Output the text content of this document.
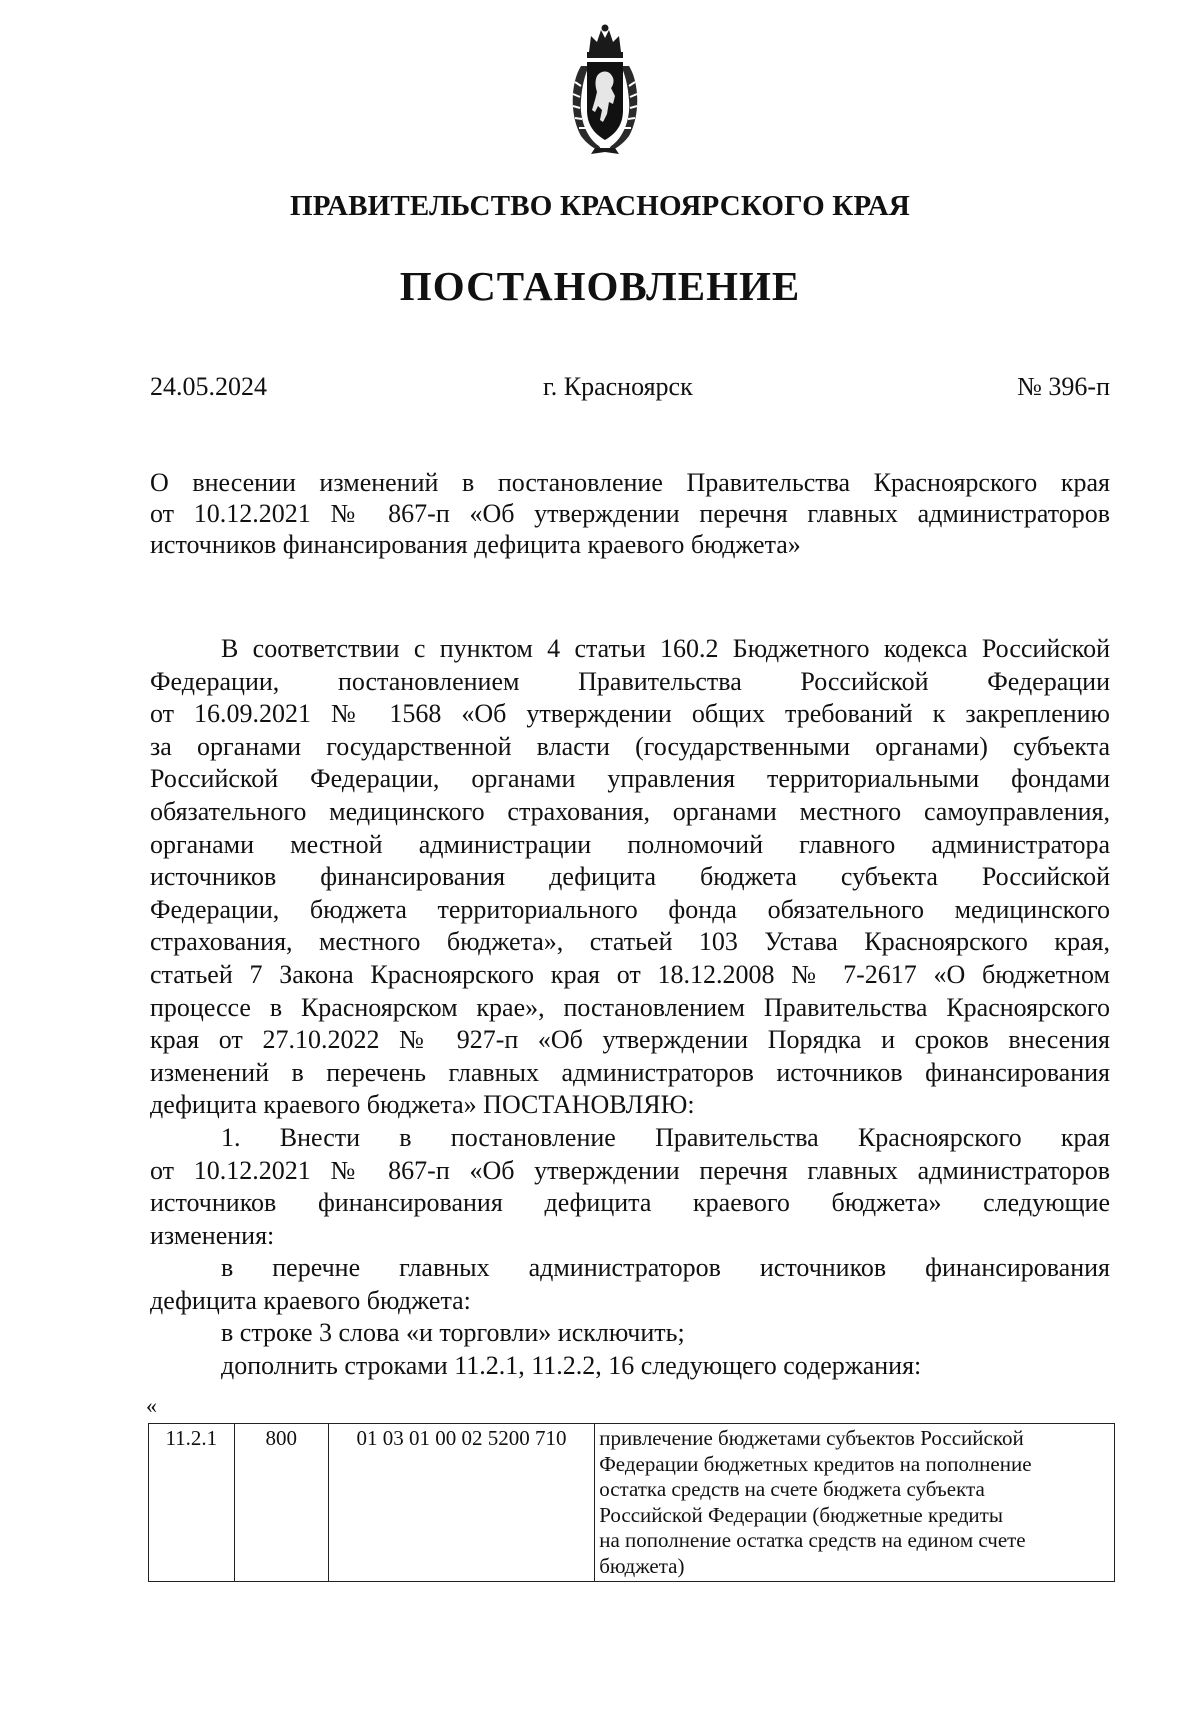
ПРАВИТЕЛЬСТВО КРАСНОЯРСКОГО КРАЯ
ПОСТАНОВЛЕНИЕ
24.05.2024	г. Красноярск	№ 396-п
О внесении изменений в постановление Правительства Красноярского края
от 10.12.2021 № 867-п «Об утверждении перечня главных администраторов
источников финансирования дефицита краевого бюджета»
В соответствии с пунктом 4 статьи 160.2 Бюджетного кодекса Российской
Федерации, постановлением Правительства Российской Федерации
от 16.09.2021 № 1568 «Об утверждении общих требований к закреплению
за органами государственной власти (государственными органами) субъекта
Российской Федерации, органами управления территориальными фондами
обязательного медицинского страхования, органами местного самоуправления,
органами местной администрации полномочий главного администратора
источников финансирования дефицита бюджета субъекта Российской
Федерации, бюджета территориального фонда обязательного медицинского
страхования, местного бюджета», статьей 103 Устава Красноярского края,
статьей 7 Закона Красноярского края от 18.12.2008 № 7-2617 «О бюджетном
процессе в Красноярском крае», постановлением Правительства Красноярского
края от 27.10.2022 № 927-п «Об утверждении Порядка и сроков внесения
изменений в перечень главных администраторов источников финансирования
дефицита краевого бюджета» ПОСТАНОВЛЯЮ:
1. Внести в постановление Правительства Красноярского края
от 10.12.2021 № 867-п «Об утверждении перечня главных администраторов
источников финансирования дефицита краевого бюджета» следующие
изменения:
в перечне главных администраторов источников финансирования
дефицита краевого бюджета:
в строке 3 слова «и торговли» исключить;
дополнить строками 11.2.1, 11.2.2, 16 следующего содержания:
«
11.2.1	800	01 03 01 00 02 5200 710	привлечение бюджетами субъектов Российской
Федерации бюджетных кредитов на пополнение
остатка средств на счете бюджета субъекта
Российской Федерации (бюджетные кредиты
на пополнение остатка средств на едином счете
бюджета)
